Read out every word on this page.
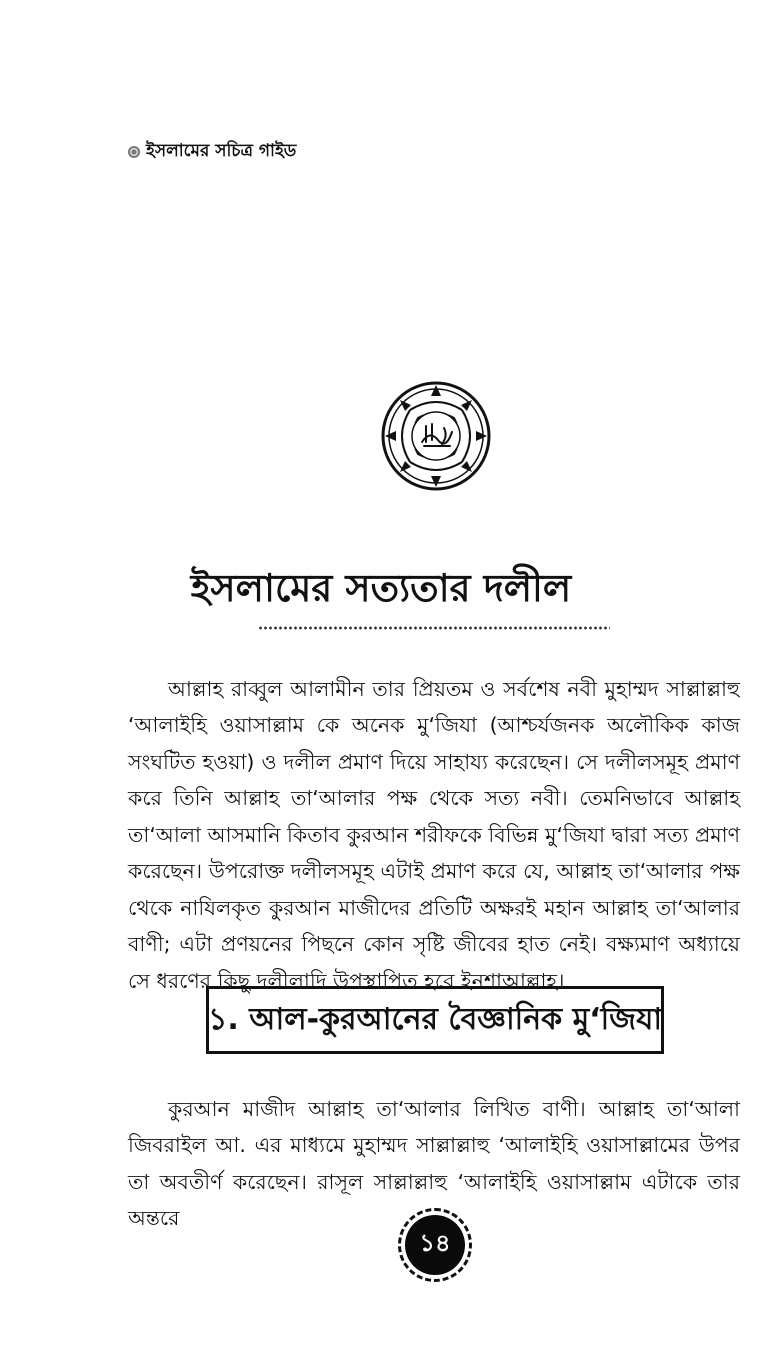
ইসলামের সচিত্র গাইড
ইসলামের সত্যতার দলীল

আল্লাহ রাব্বুল আলামীন তার প্রিয়তম ও সর্বশেষ নবী মুহাম্মদ সাল্লাল্লাহু ‘আলাইহি ওয়াসাল্লাম কে অনেক মু‘জিযা (আশ্চর্যজনক অলৌকিক কাজ সংঘটিত হওয়া) ও দলীল প্রমাণ দিয়ে সাহায্য করেছেন। সে দলীলসমূহ প্রমাণ করে তিনি আল্লাহ তা‘আলার পক্ষ থেকে সত্য নবী। তেমনিভাবে আল্লাহ তা‘আলা আসমানি কিতাব কুরআন শরীফকে বিভিন্ন মু‘জিযা দ্বারা সত্য প্রমাণ করেছেন। উপরোক্ত দলীলসমূহ এটাই প্রমাণ করে যে, আল্লাহ তা‘আলার পক্ষ থেকে নাযিলকৃত কুরআন মাজীদের প্রতিটি অক্ষরই মহান আল্লাহ তা‘আলার বাণী; এটা প্রণয়নের পিছনে কোন সৃষ্টি জীবের হাত নেই। বক্ষ্যমাণ অধ্যায়ে সে ধরণের কিছু দলীলাদি উপস্থাপিত হবে ইনশাআল্লাহ।

১. আল-কুরআনের বৈজ্ঞানিক মু‘জিযা

কুরআন মাজীদ আল্লাহ তা‘আলার লিখিত বাণী। আল্লাহ তা‘আলা জিবরাইল আ. এর মাধ্যমে মুহাম্মদ সাল্লাল্লাহু ‘আলাইহি ওয়াসাল্লামের উপর তা অবতীর্ণ করেছেন। রাসূল সাল্লাল্লাহু ‘আলাইহি ওয়াসাল্লাম এটাকে তার অন্তরে

১৪
